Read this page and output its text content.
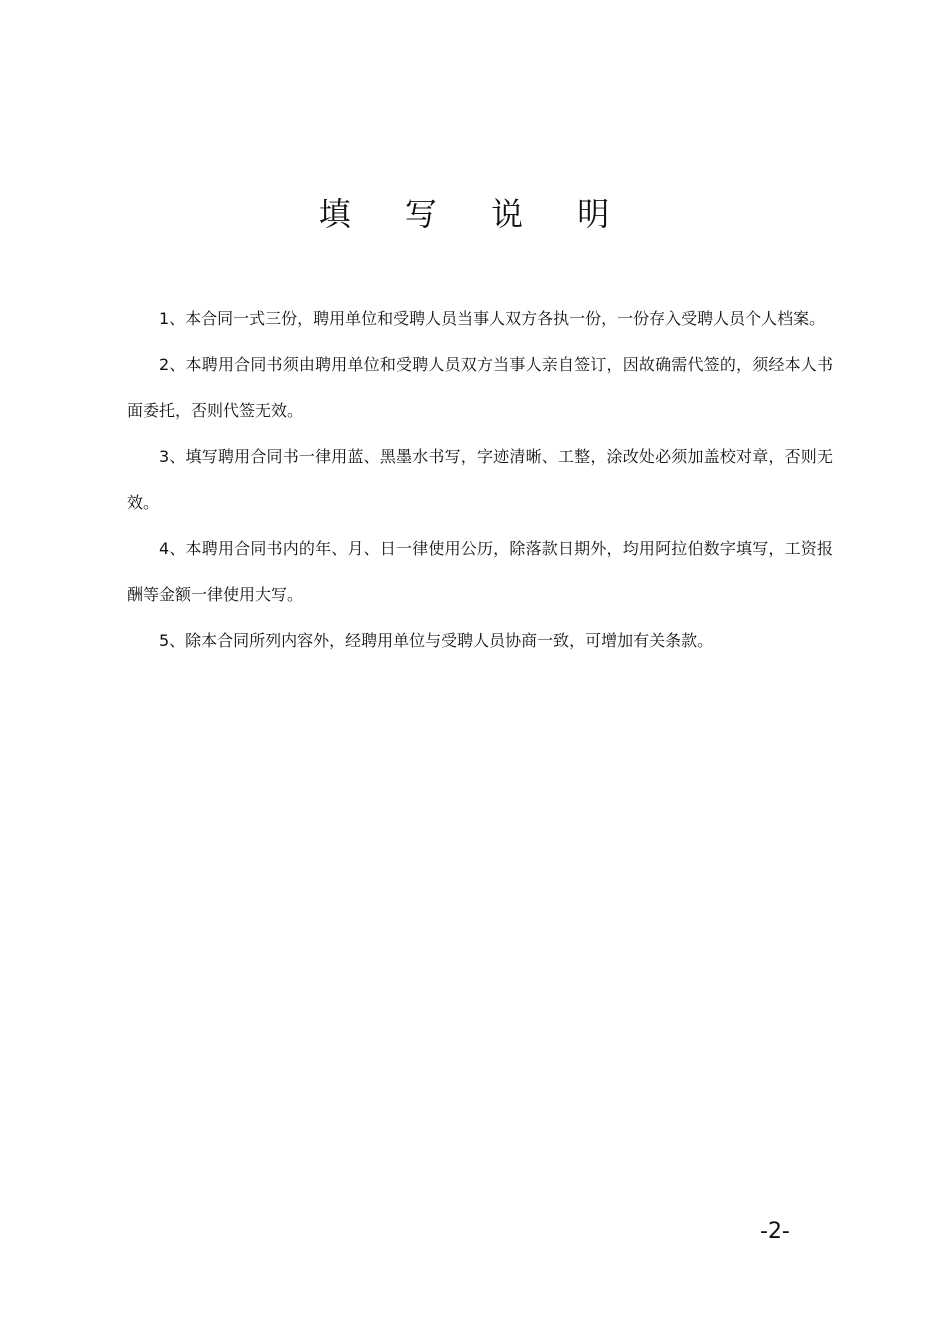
填 写 说 明

1、本合同一式三份，聘用单位和受聘人员当事人双方各执一份，一份存入受聘人员个人档案。

2、本聘用合同书须由聘用单位和受聘人员双方当事人亲自签订，因故确需代签的，须经本人书面委托，否则代签无效。

3、填写聘用合同书一律用蓝、黑墨水书写，字迹清晰、工整，涂改处必须加盖校对章，否则无效。

4、本聘用合同书内的年、月、日一律使用公历，除落款日期外，均用阿拉伯数字填写，工资报酬等金额一律使用大写。

5、除本合同所列内容外，经聘用单位与受聘人员协商一致，可增加有关条款。

-2-
